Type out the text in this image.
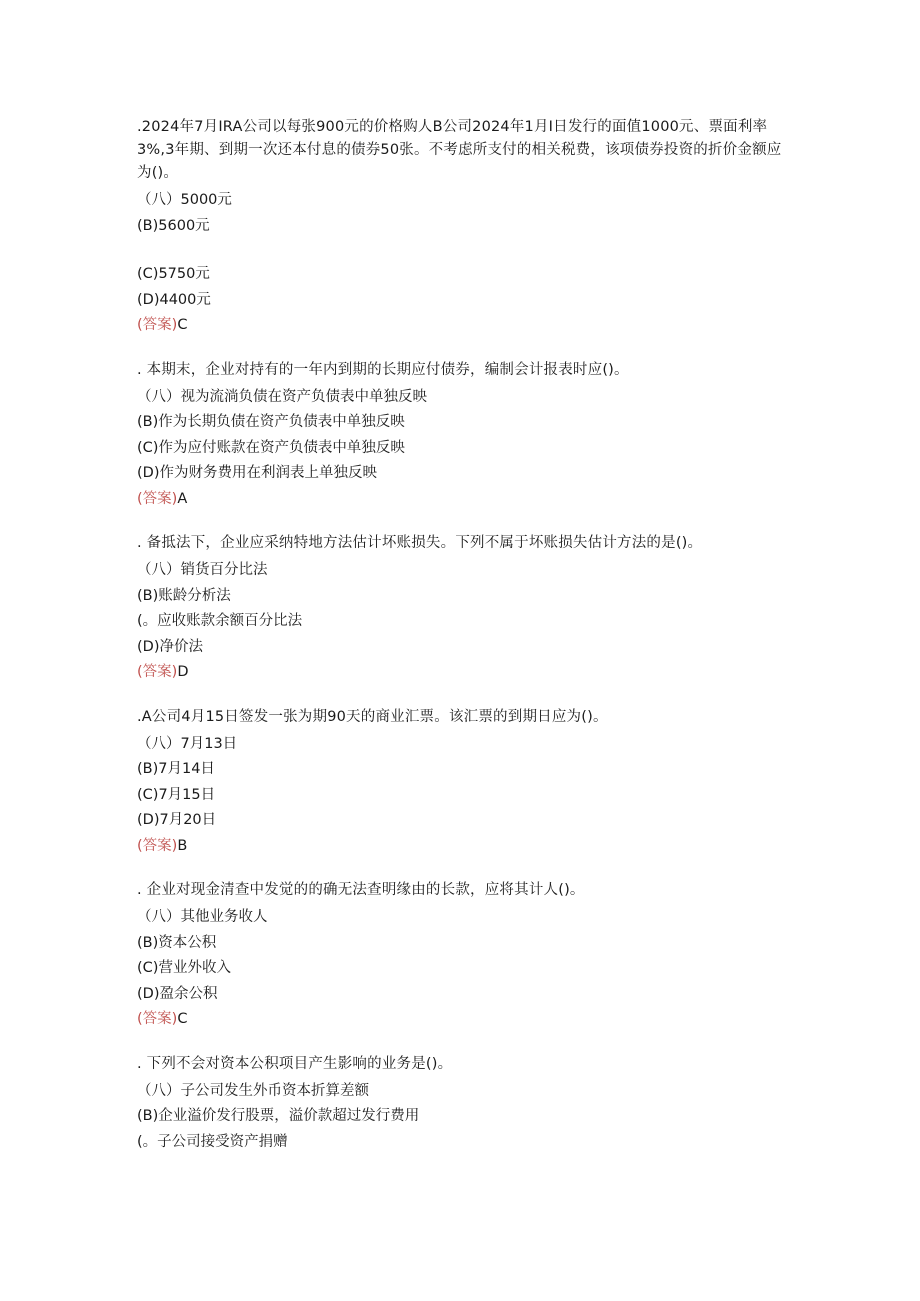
.2024年7月IRA公司以每张900元的价格购人B公司2024年1月I日发行的面值1000元、票面利率3%,3年期、到期一次还本付息的债券50张。不考虑所支付的相关税费，该项债券投资的折价金额应为()。

（八）5000元

(B)5600元

(C)5750元

(D)4400元

(答案)C

. 本期末，企业对持有的一年内到期的长期应付债券，编制会计报表时应()。

（八）视为流淌负债在资产负债表中单独反映

(B)作为长期负债在资产负债表中单独反映

(C)作为应付账款在资产负债表中单独反映

(D)作为财务费用在利润表上单独反映

(答案)A

. 备抵法下，企业应采纳特地方法估计坏账损失。下列不属于坏账损失估计方法的是()。

（八）销货百分比法

(B)账龄分析法

(。应收账款余额百分比法

(D)净价法

(答案)D

.A公司4月15日签发一张为期90天的商业汇票。该汇票的到期日应为()。

（八）7月13日

(B)7月14日

(C)7月15日

(D)7月20日

(答案)B

. 企业对现金清查中发觉的的确无法查明缘由的长款，应将其计人()。

（八）其他业务收人

(B)资本公积

(C)营业外收入

(D)盈余公积

(答案)C

. 下列不会对资本公积项目产生影响的业务是()。

（八）子公司发生外币资本折算差额

(B)企业溢价发行股票，溢价款超过发行费用

(。子公司接受资产捐赠
